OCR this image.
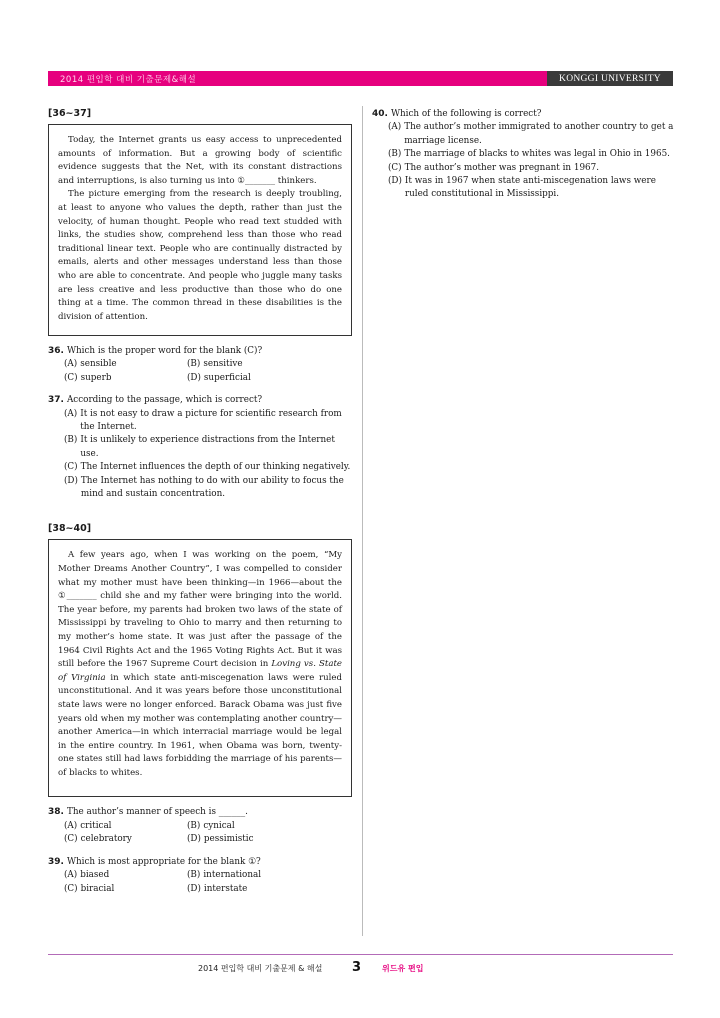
2014 편입학 대비 기출문제&해설	KONGGI UNIVERSITY
[36~37]

Today, the Internet grants us easy access to unprecedented amounts of information. But a growing body of scientific evidence suggests that the Net, with its constant distractions and interruptions, is also turning us into ①_______ thinkers.

The picture emerging from the research is deeply troubling, at least to anyone who values the depth, rather than just the velocity, of human thought. People who read text studded with links, the studies show, comprehend less than those who read traditional linear text. People who are continually distracted by emails, alerts and other messages understand less than those who are able to concentrate. And people who juggle many tasks are less creative and less productive than those who do one thing at a time. The common thread in these disabilities is the division of attention.

36. Which is the proper word for the blank (C)?
(A) sensible	(B) sensitive
(C) superb	(D) superficial
37. According to the passage, which is correct?
(A) It is not easy to draw a picture for scientific research from the Internet.
(B) It is unlikely to experience distractions from the Internet use.
(C) The Internet influences the depth of our thinking negatively.
(D) The Internet has nothing to do with our ability to focus the mind and sustain concentration.
[38~40]

A few years ago, when I was working on the poem, “My Mother Dreams Another Country”, I was compelled to consider what my mother must have been thinking—in 1966—about the ①_______ child she and my father were bringing into the world. The year before, my parents had broken two laws of the state of Mississippi by traveling to Ohio to marry and then returning to my mother’s home state. It was just after the passage of the 1964 Civil Rights Act and the 1965 Voting Rights Act. But it was still before the 1967 Supreme Court decision in Loving vs. State of Virginia in which state anti-miscegenation laws were ruled unconstitutional. And it was years before those unconstitutional state laws were no longer enforced. Barack Obama was just five years old when my mother was contemplating another country—another America—in which interracial marriage would be legal in the entire country. In 1961, when Obama was born, twenty-one states still had laws forbidding the marriage of his parents—of blacks to whites.

38. The author’s manner of speech is ______.
(A) critical	(B) cynical
(C) celebratory	(D) pessimistic
39. Which is most appropriate for the blank ①?
(A) biased	(B) international
(C) biracial	(D) interstate
40. Which of the following is correct?
(A) The author’s mother immigrated to another country to get a marriage license.
(B) The marriage of blacks to whites was legal in Ohio in 1965.
(C) The author’s mother was pregnant in 1967.
(D) It was in 1967 when state anti-miscegenation laws were ruled constitutional in Mississippi.
2014 편입학 대비 기출문제 & 해설 3	위드유 편입
